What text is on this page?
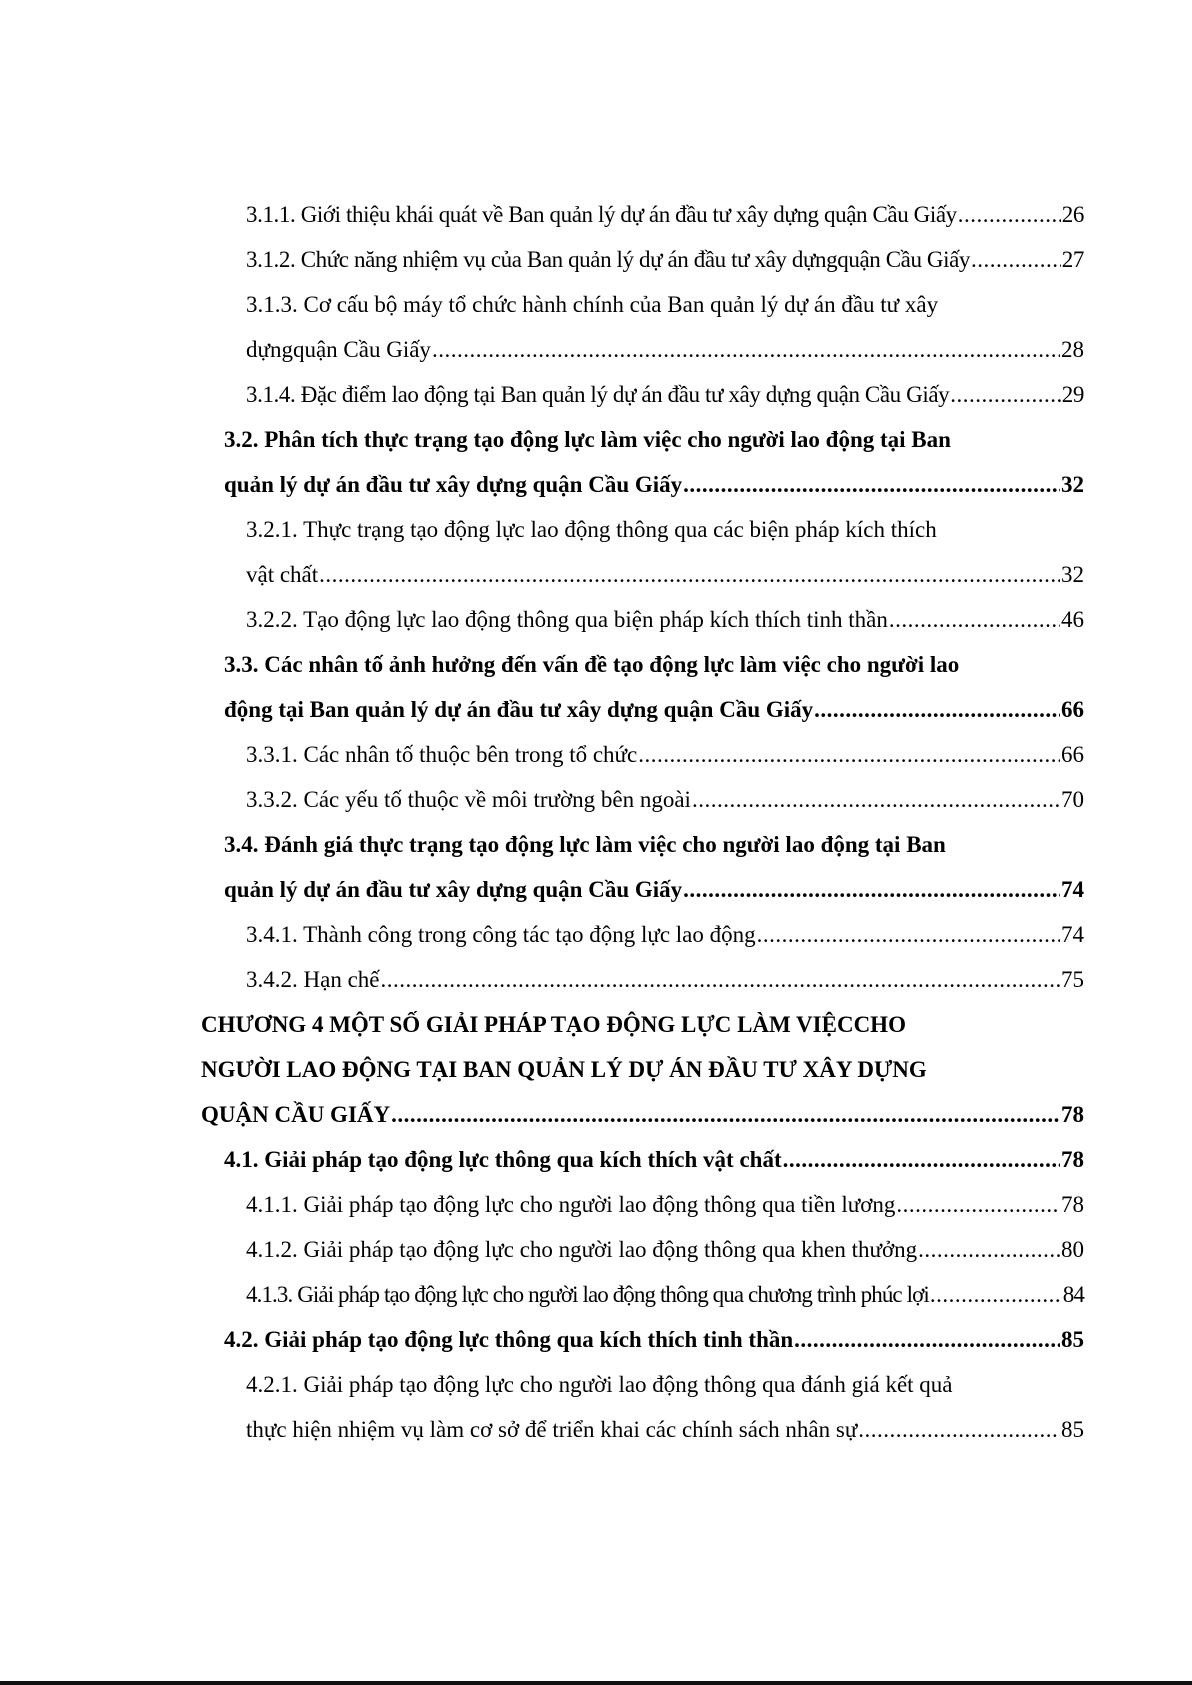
3.1.1. Giới thiệu khái quát về Ban quản lý dự án đầu tư xây dựng quận Cầu Giấy .....	26
3.1.2. Chức năng nhiệm vụ của Ban quản lý dự án đầu tư xây dựngquận Cầu Giấy .....	27
3.1.3. Cơ cấu bộ máy tổ chức hành chính của Ban quản lý dự án đầu tư xây
dựngquận Cầu Giấy .....	28
3.1.4. Đặc điểm lao động tại Ban quản lý dự án đầu tư xây dựng quận Cầu Giấy .....	29
3.2. Phân tích thực trạng tạo động lực làm việc cho người lao động tại Ban
quản lý dự án đầu tư xây dựng quận Cầu Giấy .....	32
3.2.1. Thực trạng tạo động lực lao động thông qua các biện pháp kích thích
vật chất .....	32
3.2.2. Tạo động lực lao động thông qua biện pháp kích thích tinh thần .....	46
3.3. Các nhân tố ảnh hưởng đến vấn đề tạo động lực làm việc cho người lao
động tại Ban quản lý dự án đầu tư xây dựng quận Cầu Giấy .....	66
3.3.1. Các nhân tố thuộc bên trong tổ chức .....	66
3.3.2. Các yếu tố thuộc về môi trường bên ngoài .....	70
3.4. Đánh giá thực trạng tạo động lực làm việc cho người lao động tại Ban
quản lý dự án đầu tư xây dựng quận Cầu Giấy .....	74
3.4.1. Thành công trong công tác tạo động lực lao động .....	74
3.4.2. Hạn chế .....	75
CHƯƠNG 4 MỘT SỐ GIẢI PHÁP TẠO ĐỘNG LỰC LÀM VIỆCCHO
NGƯỜI LAO ĐỘNG TẠI BAN QUẢN LÝ DỰ ÁN ĐẦU TƯ XÂY DỰNG
QUẬN CẦU GIẤY .....	78
4.1. Giải pháp tạo động lực thông qua kích thích vật chất .....	78
4.1.1. Giải pháp tạo động lực cho người lao động thông qua tiền lương .....	78
4.1.2. Giải pháp tạo động lực cho người lao động thông qua khen thưởng .....	80
4.1.3. Giải pháp tạo động lực cho người lao động thông qua chương trình phúc lợi .....	84
4.2. Giải pháp tạo động lực thông qua kích thích tinh thần .....	85
4.2.1. Giải pháp tạo động lực cho người lao động thông qua đánh giá kết quả
thực hiện nhiệm vụ làm cơ sở để triển khai các chính sách nhân sự .....	85
